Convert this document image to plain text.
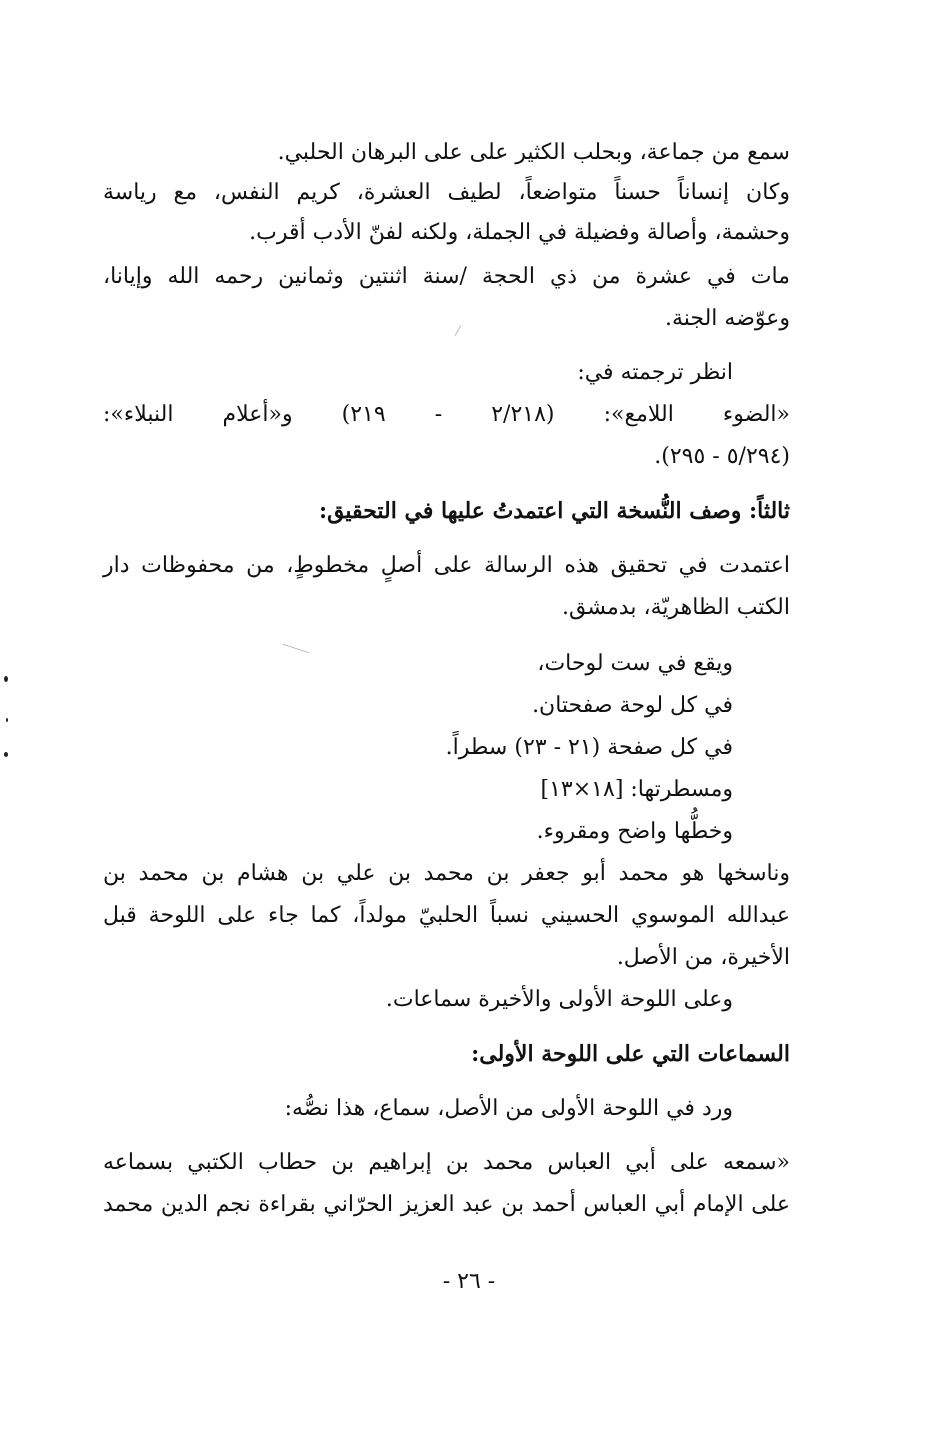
سمع من جماعة، وبحلب الكثير على على البرهان الحلبي.
وكان إنساناً حسناً متواضعاً، لطيف العشرة، كريم النفس، مع رياسة
وحشمة، وأصالة وفضيلة في الجملة، ولكنه لفنّ الأدب أقرب.
مات في عشرة من ذي الحجة /سنة اثنتين وثمانين رحمه الله وإيانا،
وعوّضه الجنة.
انظر ترجمته في:
«الضوء اللامع»: (٢/٢١٨ - ٢١٩) و«أعلام النبلاء»:
(٥/٢٩٤ - ٢٩٥).
ثالثاً: وصف النُّسخة التي اعتمدتُ عليها في التحقيق:
اعتمدت في تحقيق هذه الرسالة على أصلٍ مخطوطٍ، من محفوظات دار
الكتب الظاهريّة، بدمشق.
ويقع في ست لوحات،
في كل لوحة صفحتان.
في كل صفحة (٢١ - ٢٣) سطراً.
ومسطرتها: [١٨×١٣]
وخطُّها واضح ومقروء.
وناسخها هو محمد أبو جعفر بن محمد بن علي بن هشام بن محمد بن
عبدالله الموسوي الحسيني نسباً الحلبيّ مولداً، كما جاء على اللوحة قبل
الأخيرة، من الأصل.
وعلى اللوحة الأولى والأخيرة سماعات.
السماعات التي على اللوحة الأولى:
ورد في اللوحة الأولى من الأصل، سماع، هذا نصُّه:
«سمعه على أبي العباس محمد بن إبراهيم بن حطاب الكتبي بسماعه
على الإمام أبي العباس أحمد بن عبد العزيز الحرّاني بقراءة نجم الدين محمد
- ٢٦ -
